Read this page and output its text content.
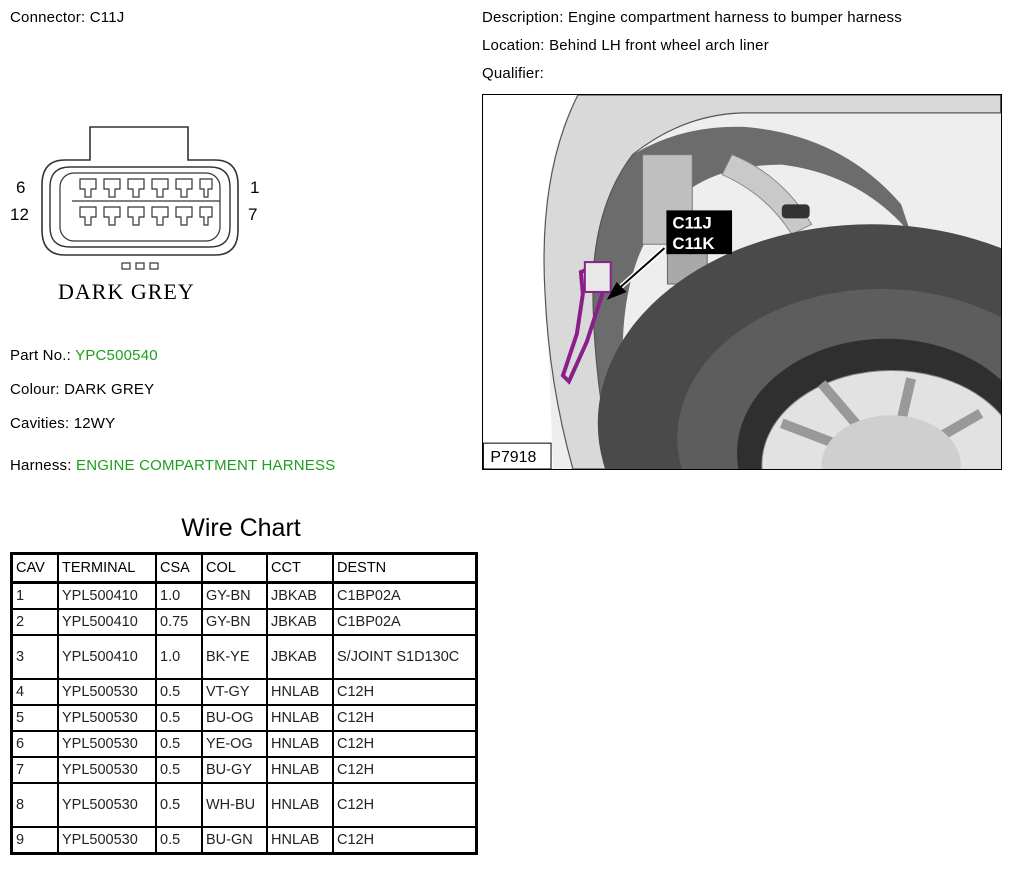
Connector: C11J
6
12
1
7
DARK GREY
Part No.: YPC500540
Colour: DARK GREY
Cavities: 12WY
Harness: ENGINE COMPARTMENT HARNESS
Description: Engine compartment harness to bumper harness
Location: Behind LH front wheel arch liner
Qualifier:
C11J
C11K
P7918
Wire Chart
CAV	TERMINAL	CSA	COL	CCT	DESTN
1	YPL500410	1.0	GY-BN	JBKAB	C1BP02A
2	YPL500410	0.75	GY-BN	JBKAB	C1BP02A
3	YPL500410	1.0	BK-YE	JBKAB	S/JOINT S1D130C
4	YPL500530	0.5	VT-GY	HNLAB	C12H
5	YPL500530	0.5	BU-OG	HNLAB	C12H
6	YPL500530	0.5	YE-OG	HNLAB	C12H
7	YPL500530	0.5	BU-GY	HNLAB	C12H
8	YPL500530	0.5	WH-BU	HNLAB	C12H
9	YPL500530	0.5	BU-GN	HNLAB	C12H
